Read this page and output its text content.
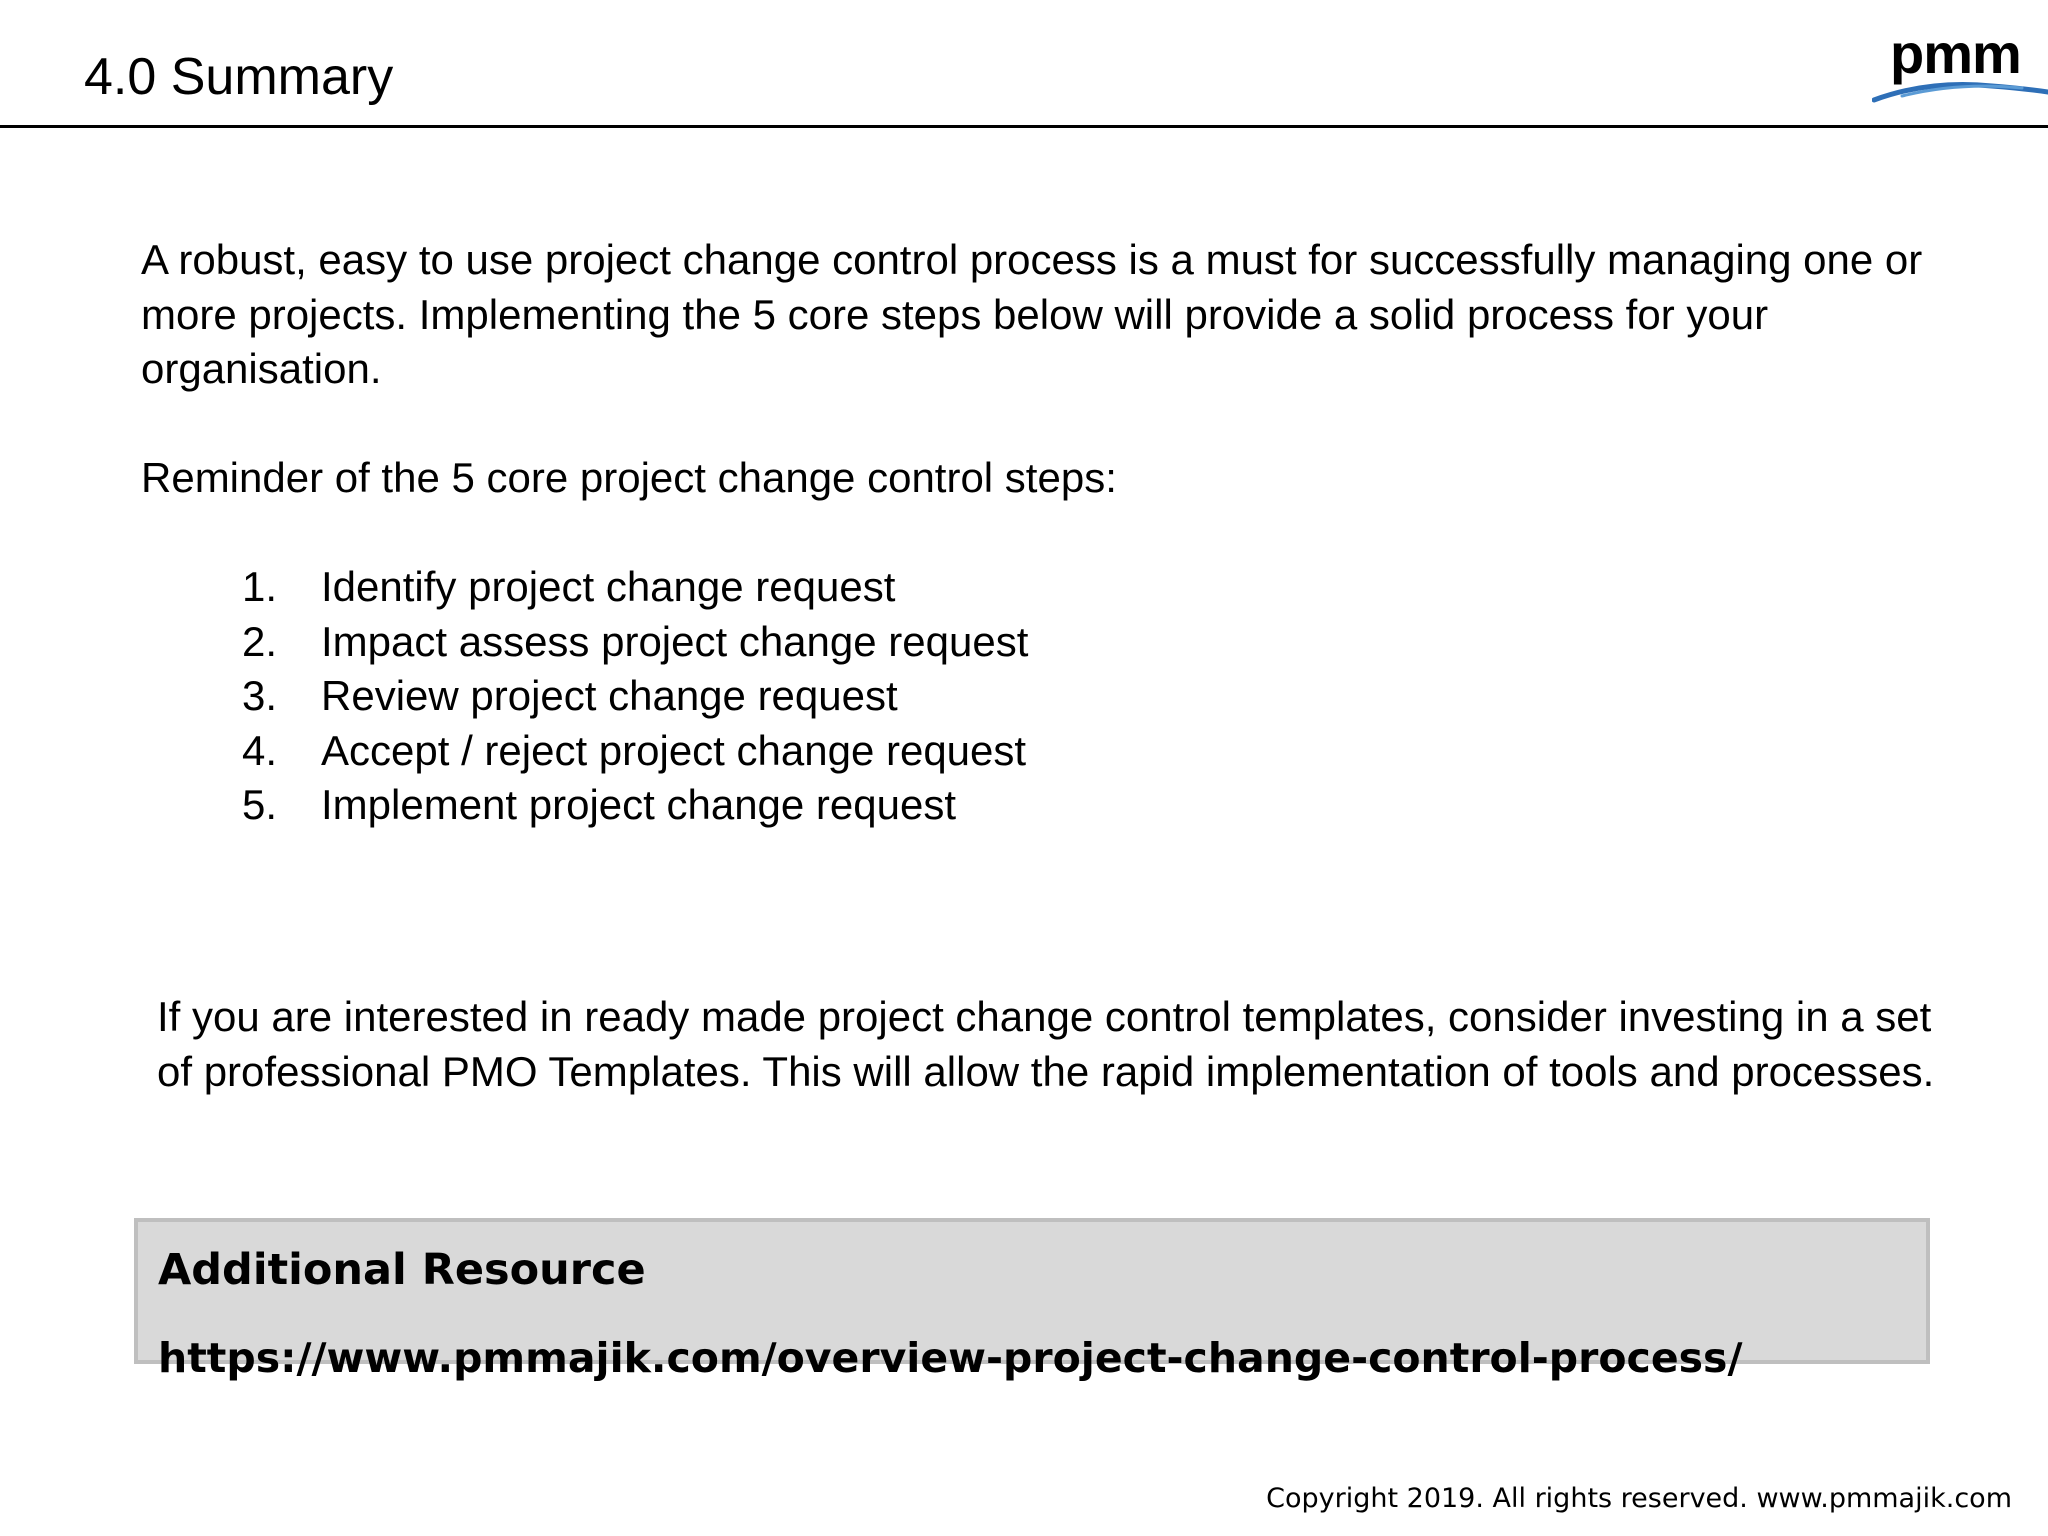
4.0 Summary	pmm

A robust, easy to use project change control process is a must for successfully managing one or more projects. Implementing the 5 core steps below will provide a solid process for your organisation.

Reminder of the 5 core project change control steps:

1. Identify project change request
2. Impact assess project change request
3. Review project change request
4. Accept / reject project change request
5. Implement project change request

If you are interested in ready made project change control templates, consider investing in a set of professional PMO Templates. This will allow the rapid implementation of tools and processes.

Additional Resource

https://www.pmmajik.com/overview-project-change-control-process/

Copyright 2019. All rights reserved. www.pmmajik.com
